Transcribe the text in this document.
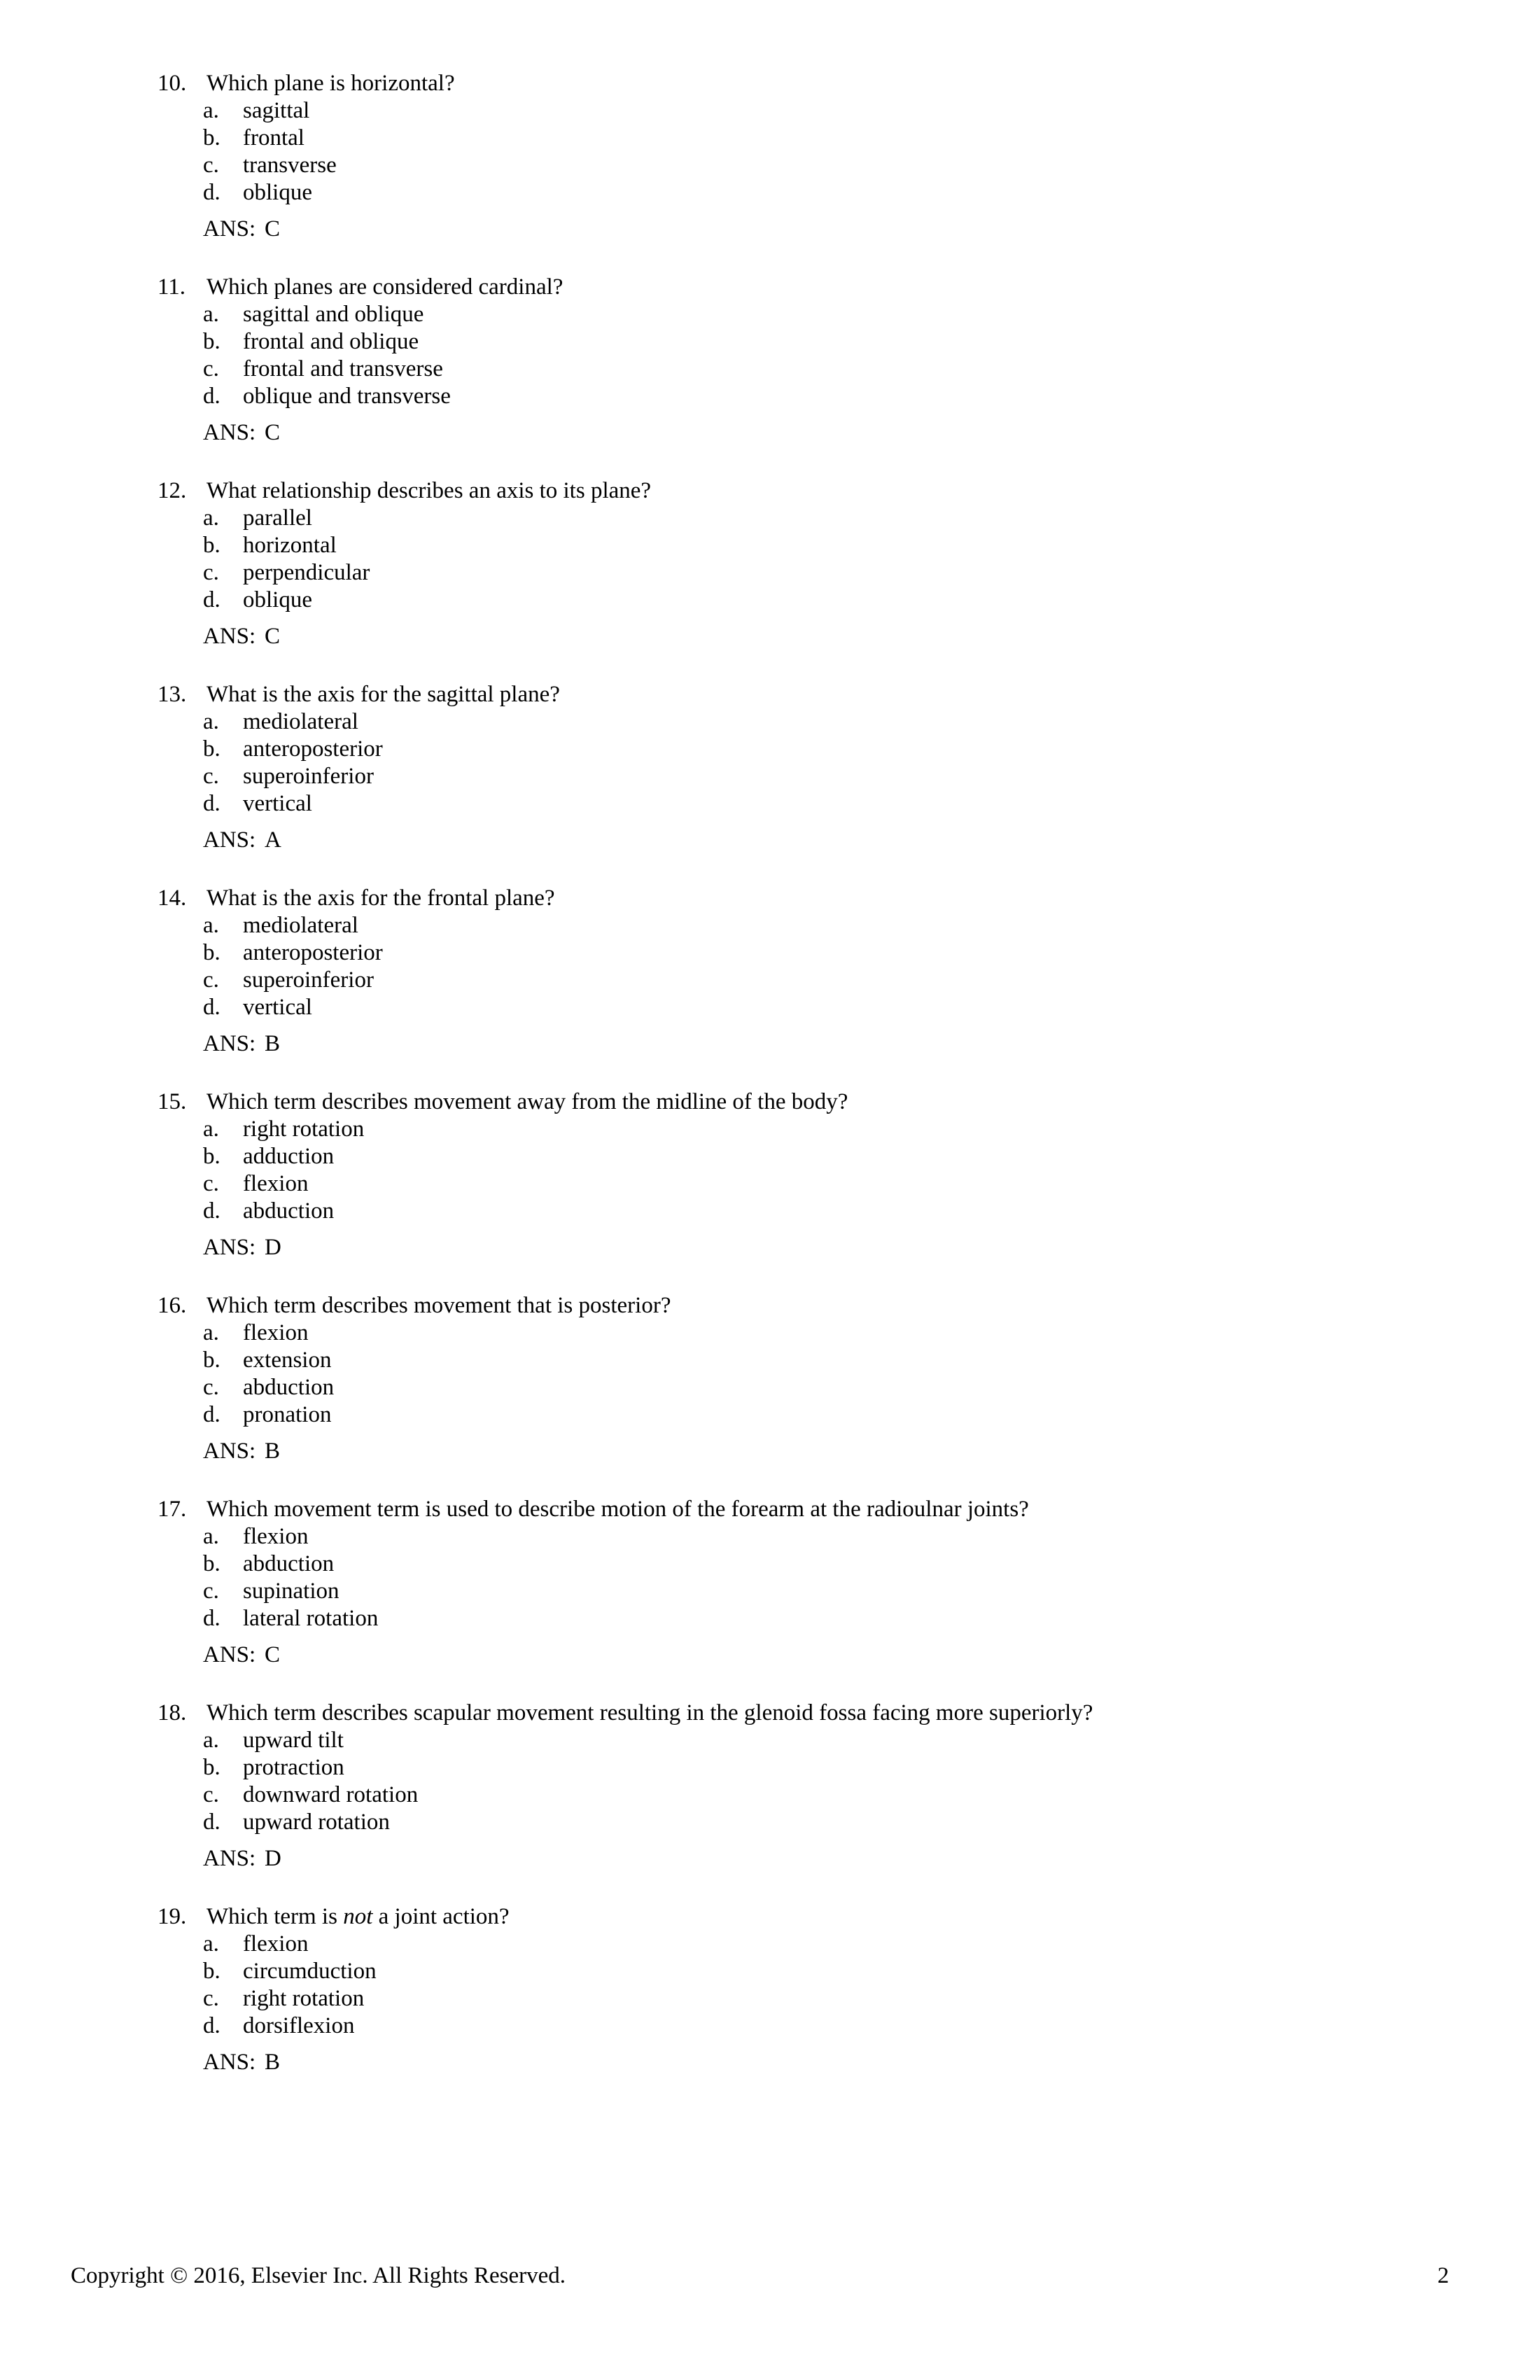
10. Which plane is horizontal?
a. sagittal
b. frontal
c. transverse
d. oblique
ANS: C
11. Which planes are considered cardinal?
a. sagittal and oblique
b. frontal and oblique
c. frontal and transverse
d. oblique and transverse
ANS: C
12. What relationship describes an axis to its plane?
a. parallel
b. horizontal
c. perpendicular
d. oblique
ANS: C
13. What is the axis for the sagittal plane?
a. mediolateral
b. anteroposterior
c. superoinferior
d. vertical
ANS: A
14. What is the axis for the frontal plane?
a. mediolateral
b. anteroposterior
c. superoinferior
d. vertical
ANS: B
15. Which term describes movement away from the midline of the body?
a. right rotation
b. adduction
c. flexion
d. abduction
ANS: D
16. Which term describes movement that is posterior?
a. flexion
b. extension
c. abduction
d. pronation
ANS: B
17. Which movement term is used to describe motion of the forearm at the radioulnar joints?
a. flexion
b. abduction
c. supination
d. lateral rotation
ANS: C
18. Which term describes scapular movement resulting in the glenoid fossa facing more superiorly?
a. upward tilt
b. protraction
c. downward rotation
d. upward rotation
ANS: D
19. Which term is not a joint action?
a. flexion
b. circumduction
c. right rotation
d. dorsiflexion
ANS: B
Copyright © 2016, Elsevier Inc. All Rights Reserved.	2
